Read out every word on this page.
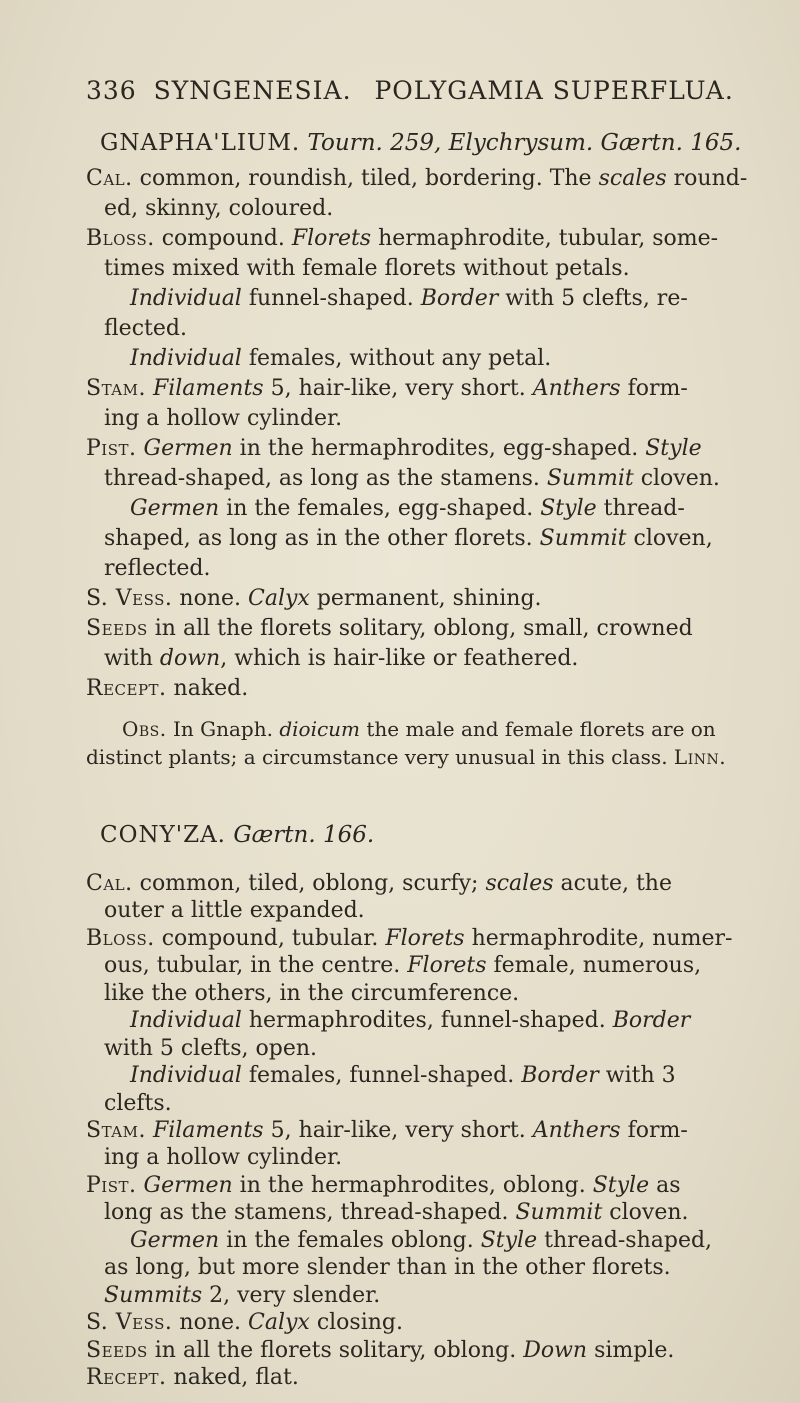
336 SYNGENESIA. POLYGAMIA SUPERFLUA.
GNAPHA'LIUM. Tourn. 259, Elychrysum. Gærtn. 165.

Cal. common, roundish, tiled, bordering. The scales round-

ed, skinny, coloured.

Bloss. compound. Florets hermaphrodite, tubular, some-

times mixed with female florets without petals.

Individual funnel-shaped. Border with 5 clefts, re-

flected.

Individual females, without any petal.

Stam. Filaments 5, hair-like, very short. Anthers form-

ing a hollow cylinder.

Pist. Germen in the hermaphrodites, egg-shaped. Style

thread-shaped, as long as the stamens. Summit cloven.

Germen in the females, egg-shaped. Style thread-

shaped, as long as in the other florets. Summit cloven,

reflected.

S. Vess. none. Calyx permanent, shining.

Seeds in all the florets solitary, oblong, small, crowned

with down, which is hair-like or feathered.

Recept. naked.

Obs. In Gnaph. dioicum the male and female florets are on

distinct plants; a circumstance very unusual in this class. Linn.

CONY'ZA. Gærtn. 166.

Cal. common, tiled, oblong, scurfy; scales acute, the

outer a little expanded.

Bloss. compound, tubular. Florets hermaphrodite, numer-

ous, tubular, in the centre. Florets female, numerous,

like the others, in the circumference.

Individual hermaphrodites, funnel-shaped. Border

with 5 clefts, open.

Individual females, funnel-shaped. Border with 3

clefts.

Stam. Filaments 5, hair-like, very short. Anthers form-

ing a hollow cylinder.

Pist. Germen in the hermaphrodites, oblong. Style as

long as the stamens, thread-shaped. Summit cloven.

Germen in the females oblong. Style thread-shaped,

as long, but more slender than in the other florets.

Summits 2, very slender.

S. Vess. none. Calyx closing.

Seeds in all the florets solitary, oblong. Down simple.

Recept. naked, flat.
